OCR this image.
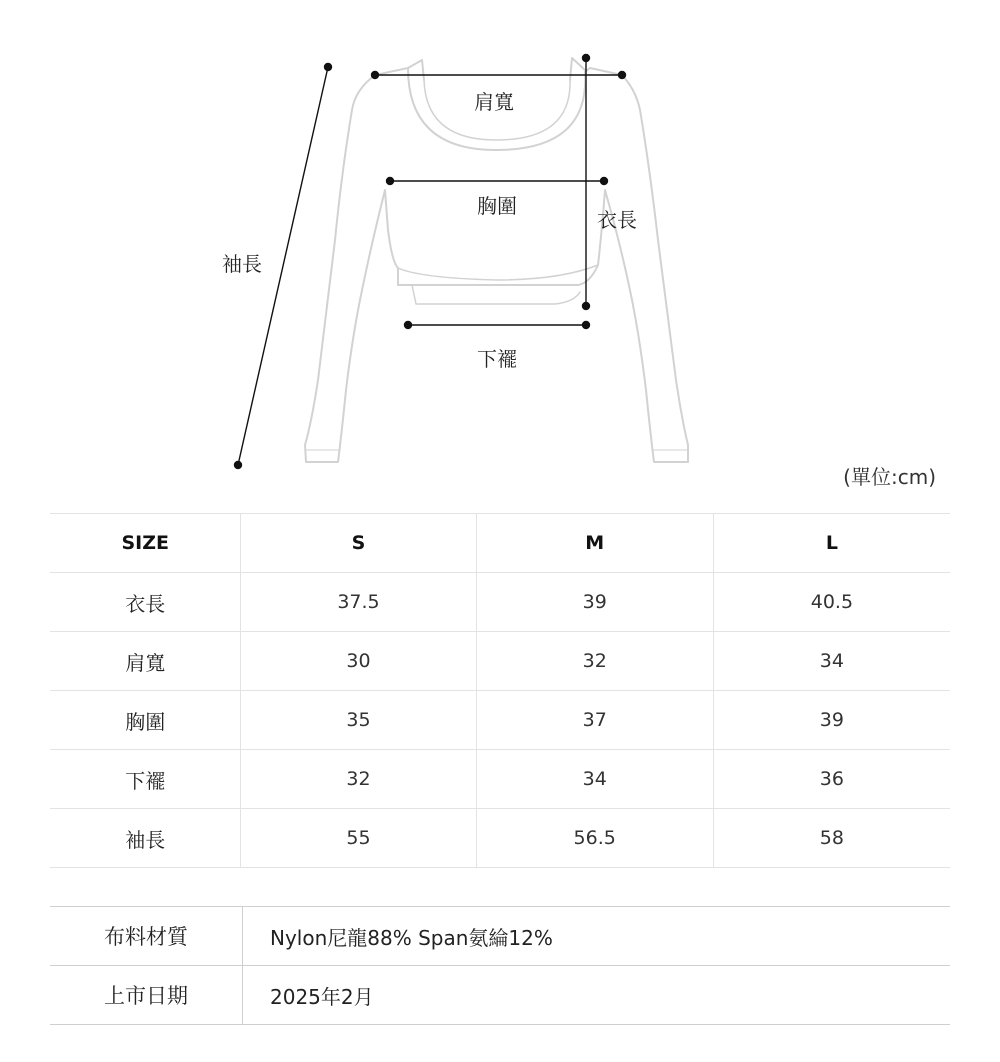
肩寬
胸圍
衣長
袖長
下襬
(單位:cm)
SIZE	S	M	L
衣長	37.5	39	40.5
肩寬	30	32	34
胸圍	35	37	39
下襬	32	34	36
袖長	55	56.5	58
布料材質	Nylon尼龍88% Span氨綸12%
上市日期	2025年2月
